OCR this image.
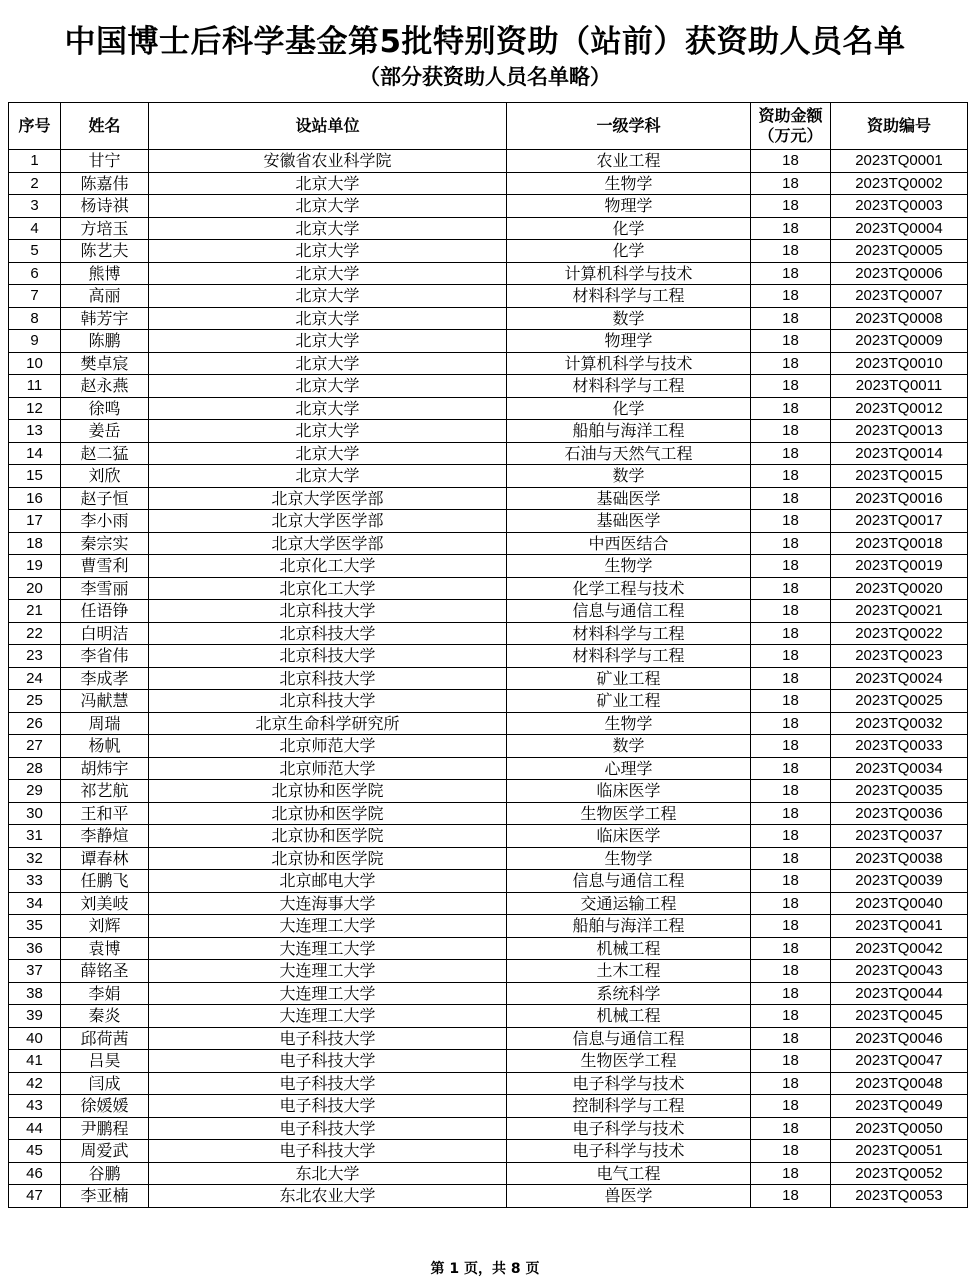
中国博士后科学基金第5批特别资助（站前）获资助人员名单
（部分获资助人员名单略）
序号	姓名	设站单位	一级学科	资助金额
（万元）	资助编号
1	甘宁	安徽省农业科学院	农业工程	18	2023TQ0001
2	陈嘉伟	北京大学	生物学	18	2023TQ0002
3	杨诗祺	北京大学	物理学	18	2023TQ0003
4	方培玉	北京大学	化学	18	2023TQ0004
5	陈艺夫	北京大学	化学	18	2023TQ0005
6	熊博	北京大学	计算机科学与技术	18	2023TQ0006
7	高丽	北京大学	材料科学与工程	18	2023TQ0007
8	韩芳宇	北京大学	数学	18	2023TQ0008
9	陈鹏	北京大学	物理学	18	2023TQ0009
10	樊卓宸	北京大学	计算机科学与技术	18	2023TQ0010
11	赵永燕	北京大学	材料科学与工程	18	2023TQ0011
12	徐鸣	北京大学	化学	18	2023TQ0012
13	姜岳	北京大学	船舶与海洋工程	18	2023TQ0013
14	赵二猛	北京大学	石油与天然气工程	18	2023TQ0014
15	刘欣	北京大学	数学	18	2023TQ0015
16	赵子恒	北京大学医学部	基础医学	18	2023TQ0016
17	李小雨	北京大学医学部	基础医学	18	2023TQ0017
18	秦宗实	北京大学医学部	中西医结合	18	2023TQ0018
19	曹雪利	北京化工大学	生物学	18	2023TQ0019
20	李雪丽	北京化工大学	化学工程与技术	18	2023TQ0020
21	任语铮	北京科技大学	信息与通信工程	18	2023TQ0021
22	白明洁	北京科技大学	材料科学与工程	18	2023TQ0022
23	李省伟	北京科技大学	材料科学与工程	18	2023TQ0023
24	李成孝	北京科技大学	矿业工程	18	2023TQ0024
25	冯献慧	北京科技大学	矿业工程	18	2023TQ0025
26	周瑞	北京生命科学研究所	生物学	18	2023TQ0032
27	杨帆	北京师范大学	数学	18	2023TQ0033
28	胡炜宇	北京师范大学	心理学	18	2023TQ0034
29	祁艺航	北京协和医学院	临床医学	18	2023TQ0035
30	王和平	北京协和医学院	生物医学工程	18	2023TQ0036
31	李静煊	北京协和医学院	临床医学	18	2023TQ0037
32	谭春林	北京协和医学院	生物学	18	2023TQ0038
33	任鹏飞	北京邮电大学	信息与通信工程	18	2023TQ0039
34	刘美岐	大连海事大学	交通运输工程	18	2023TQ0040
35	刘辉	大连理工大学	船舶与海洋工程	18	2023TQ0041
36	袁博	大连理工大学	机械工程	18	2023TQ0042
37	薛铭圣	大连理工大学	土木工程	18	2023TQ0043
38	李娟	大连理工大学	系统科学	18	2023TQ0044
39	秦炎	大连理工大学	机械工程	18	2023TQ0045
40	邱荷茜	电子科技大学	信息与通信工程	18	2023TQ0046
41	吕昊	电子科技大学	生物医学工程	18	2023TQ0047
42	闫成	电子科技大学	电子科学与技术	18	2023TQ0048
43	徐媛媛	电子科技大学	控制科学与工程	18	2023TQ0049
44	尹鹏程	电子科技大学	电子科学与技术	18	2023TQ0050
45	周爱武	电子科技大学	电子科学与技术	18	2023TQ0051
46	谷鹏	东北大学	电气工程	18	2023TQ0052
47	李亚楠	东北农业大学	兽医学	18	2023TQ0053
第 1 页，共 8 页
